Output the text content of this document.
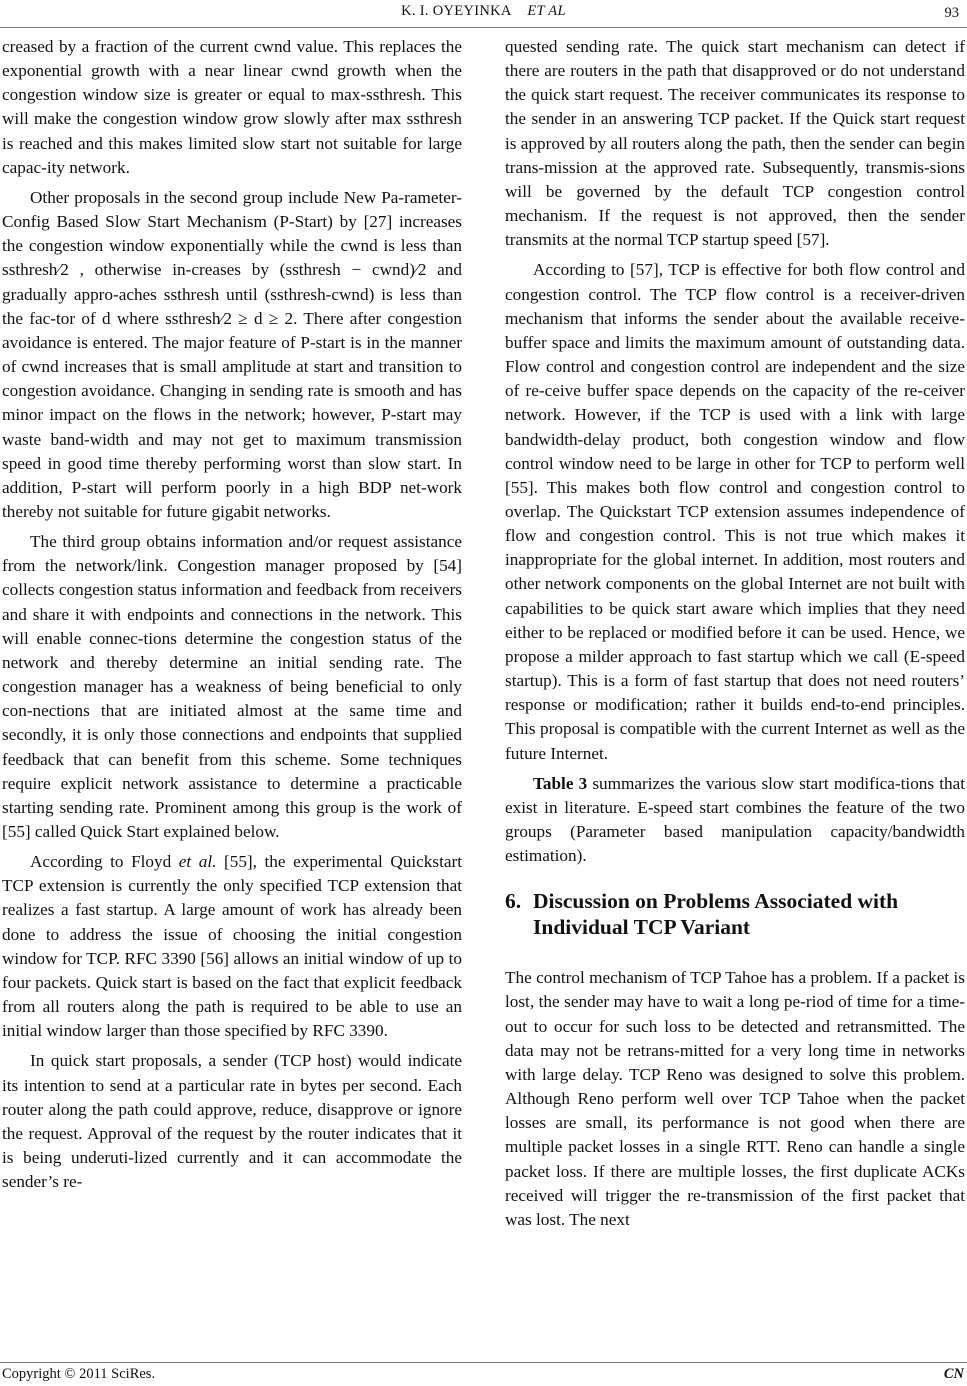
K. I. OYEYINKA ET AL	93

creased by a fraction of the current cwnd value. This replaces the exponential growth with a near linear cwnd growth when the congestion window size is greater or equal to max-ssthresh. This will make the congestion window grow slowly after max ssthresh is reached and this makes limited slow start not suitable for large capac-ity network.

Other proposals in the second group include New Pa-rameter-Config Based Slow Start Mechanism (P-Start) by [27] increases the congestion window exponentially while the cwnd is less than ssthresh⁄2 , otherwise in-creases by (ssthresh − cwnd)⁄2 and gradually appro-aches ssthresh until (ssthresh-cwnd) is less than the fac-tor of d where ssthresh⁄2 ≥ d ≥ 2. There after congestion avoidance is entered. The major feature of P-start is in the manner of cwnd increases that is small amplitude at start and transition to congestion avoidance. Changing in sending rate is smooth and has minor impact on the flows in the network; however, P-start may waste band-width and may not get to maximum transmission speed in good time thereby performing worst than slow start. In addition, P-start will perform poorly in a high BDP net-work thereby not suitable for future gigabit networks.

The third group obtains information and/or request assistance from the network/link. Congestion manager proposed by [54] collects congestion status information and feedback from receivers and share it with endpoints and connections in the network. This will enable connec-tions determine the congestion status of the network and thereby determine an initial sending rate. The congestion manager has a weakness of being beneficial to only con-nections that are initiated almost at the same time and secondly, it is only those connections and endpoints that supplied feedback that can benefit from this scheme. Some techniques require explicit network assistance to determine a practicable starting sending rate. Prominent among this group is the work of [55] called Quick Start explained below.

According to Floyd et al. [55], the experimental Quickstart TCP extension is currently the only specified TCP extension that realizes a fast startup. A large amount of work has already been done to address the issue of choosing the initial congestion window for TCP. RFC 3390 [56] allows an initial window of up to four packets. Quick start is based on the fact that explicit feedback from all routers along the path is required to be able to use an initial window larger than those specified by RFC 3390.

In quick start proposals, a sender (TCP host) would indicate its intention to send at a particular rate in bytes per second. Each router along the path could approve, reduce, disapprove or ignore the request. Approval of the request by the router indicates that it is being underuti-lized currently and it can accommodate the sender’s re-

quested sending rate. The quick start mechanism can detect if there are routers in the path that disapproved or do not understand the quick start request. The receiver communicates its response to the sender in an answering TCP packet. If the Quick start request is approved by all routers along the path, then the sender can begin trans-mission at the approved rate. Subsequently, transmis-sions will be governed by the default TCP congestion control mechanism. If the request is not approved, then the sender transmits at the normal TCP startup speed [57].

According to [57], TCP is effective for both flow control and congestion control. The TCP flow control is a receiver-driven mechanism that informs the sender about the available receive-buffer space and limits the maximum amount of outstanding data. Flow control and congestion control are independent and the size of re-ceive buffer space depends on the capacity of the re-ceiver network. However, if the TCP is used with a link with large bandwidth-delay product, both congestion window and flow control window need to be large in other for TCP to perform well [55]. This makes both flow control and congestion control to overlap. The Quickstart TCP extension assumes independence of flow and congestion control. This is not true which makes it inappropriate for the global internet. In addition, most routers and other network components on the global Internet are not built with capabilities to be quick start aware which implies that they need either to be replaced or modified before it can be used. Hence, we propose a milder approach to fast startup which we call (E-speed startup). This is a form of fast startup that does not need routers’ response or modification; rather it builds end-to-end principles. This proposal is compatible with the current Internet as well as the future Internet.

Table 3 summarizes the various slow start modifica-tions that exist in literature. E-speed start combines the feature of the two groups (Parameter based manipulation capacity/bandwidth estimation).

6. Discussion on Problems Associated with Individual TCP Variant

The control mechanism of TCP Tahoe has a problem. If a packet is lost, the sender may have to wait a long pe-riod of time for a time-out to occur for such loss to be detected and retransmitted. The data may not be retrans-mitted for a very long time in networks with large delay. TCP Reno was designed to solve this problem. Although Reno perform well over TCP Tahoe when the packet losses are small, its performance is not good when there are multiple packet losses in a single RTT. Reno can handle a single packet loss. If there are multiple losses, the first duplicate ACKs received will trigger the re-transmission of the first packet that was lost. The next

Copyright © 2011 SciRes.	CN
